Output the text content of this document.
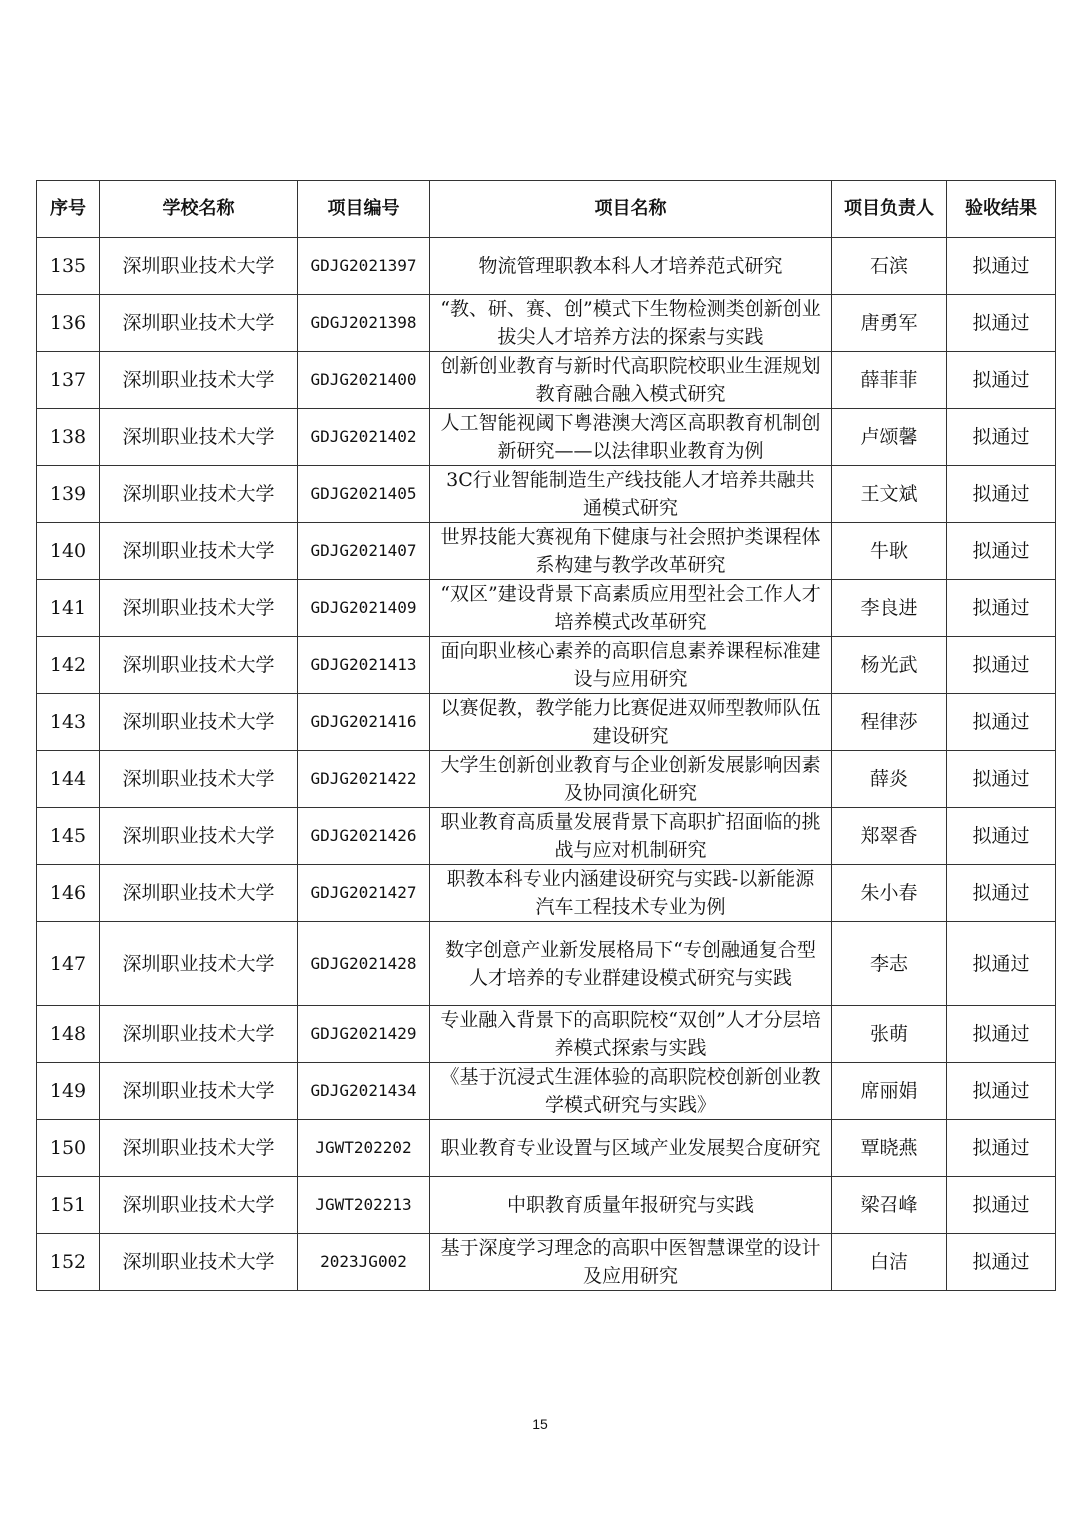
序号	学校名称	项目编号	项目名称	项目负责人	验收结果
135	深圳职业技术大学	GDJG2021397	物流管理职教本科人才培养范式研究	石滨	拟通过
136	深圳职业技术大学	GDGJ2021398	“教、研、赛、创”模式下生物检测类创新创业拔尖人才培养方法的探索与实践	唐勇军	拟通过
137	深圳职业技术大学	GDJG2021400	创新创业教育与新时代高职院校职业生涯规划教育融合融入模式研究	薛菲菲	拟通过
138	深圳职业技术大学	GDJG2021402	人工智能视阈下粤港澳大湾区高职教育机制创新研究——以法律职业教育为例	卢颂馨	拟通过
139	深圳职业技术大学	GDJG2021405	3C行业智能制造生产线技能人才培养共融共通模式研究	王文斌	拟通过
140	深圳职业技术大学	GDJG2021407	世界技能大赛视角下健康与社会照护类课程体系构建与教学改革研究	牛耿	拟通过
141	深圳职业技术大学	GDJG2021409	“双区”建设背景下高素质应用型社会工作人才培养模式改革研究	李良进	拟通过
142	深圳职业技术大学	GDJG2021413	面向职业核心素养的高职信息素养课程标准建设与应用研究	杨光武	拟通过
143	深圳职业技术大学	GDJG2021416	以赛促教，教学能力比赛促进双师型教师队伍建设研究	程律莎	拟通过
144	深圳职业技术大学	GDJG2021422	大学生创新创业教育与企业创新发展影响因素及协同演化研究	薛炎	拟通过
145	深圳职业技术大学	GDJG2021426	职业教育高质量发展背景下高职扩招面临的挑战与应对机制研究	郑翠香	拟通过
146	深圳职业技术大学	GDJG2021427	职教本科专业内涵建设研究与实践-以新能源汽车工程技术专业为例	朱小春	拟通过
147	深圳职业技术大学	GDJG2021428	数字创意产业新发展格局下“专创融通复合型人才培养的专业群建设模式研究与实践	李志	拟通过
148	深圳职业技术大学	GDJG2021429	专业融入背景下的高职院校“双创”人才分层培养模式探索与实践	张萌	拟通过
149	深圳职业技术大学	GDJG2021434	《基于沉浸式生涯体验的高职院校创新创业教学模式研究与实践》	席丽娟	拟通过
150	深圳职业技术大学	JGWT202202	职业教育专业设置与区域产业发展契合度研究	覃晓燕	拟通过
151	深圳职业技术大学	JGWT202213	中职教育质量年报研究与实践	梁召峰	拟通过
152	深圳职业技术大学	2023JG002	基于深度学习理念的高职中医智慧课堂的设计及应用研究	白洁	拟通过
15
